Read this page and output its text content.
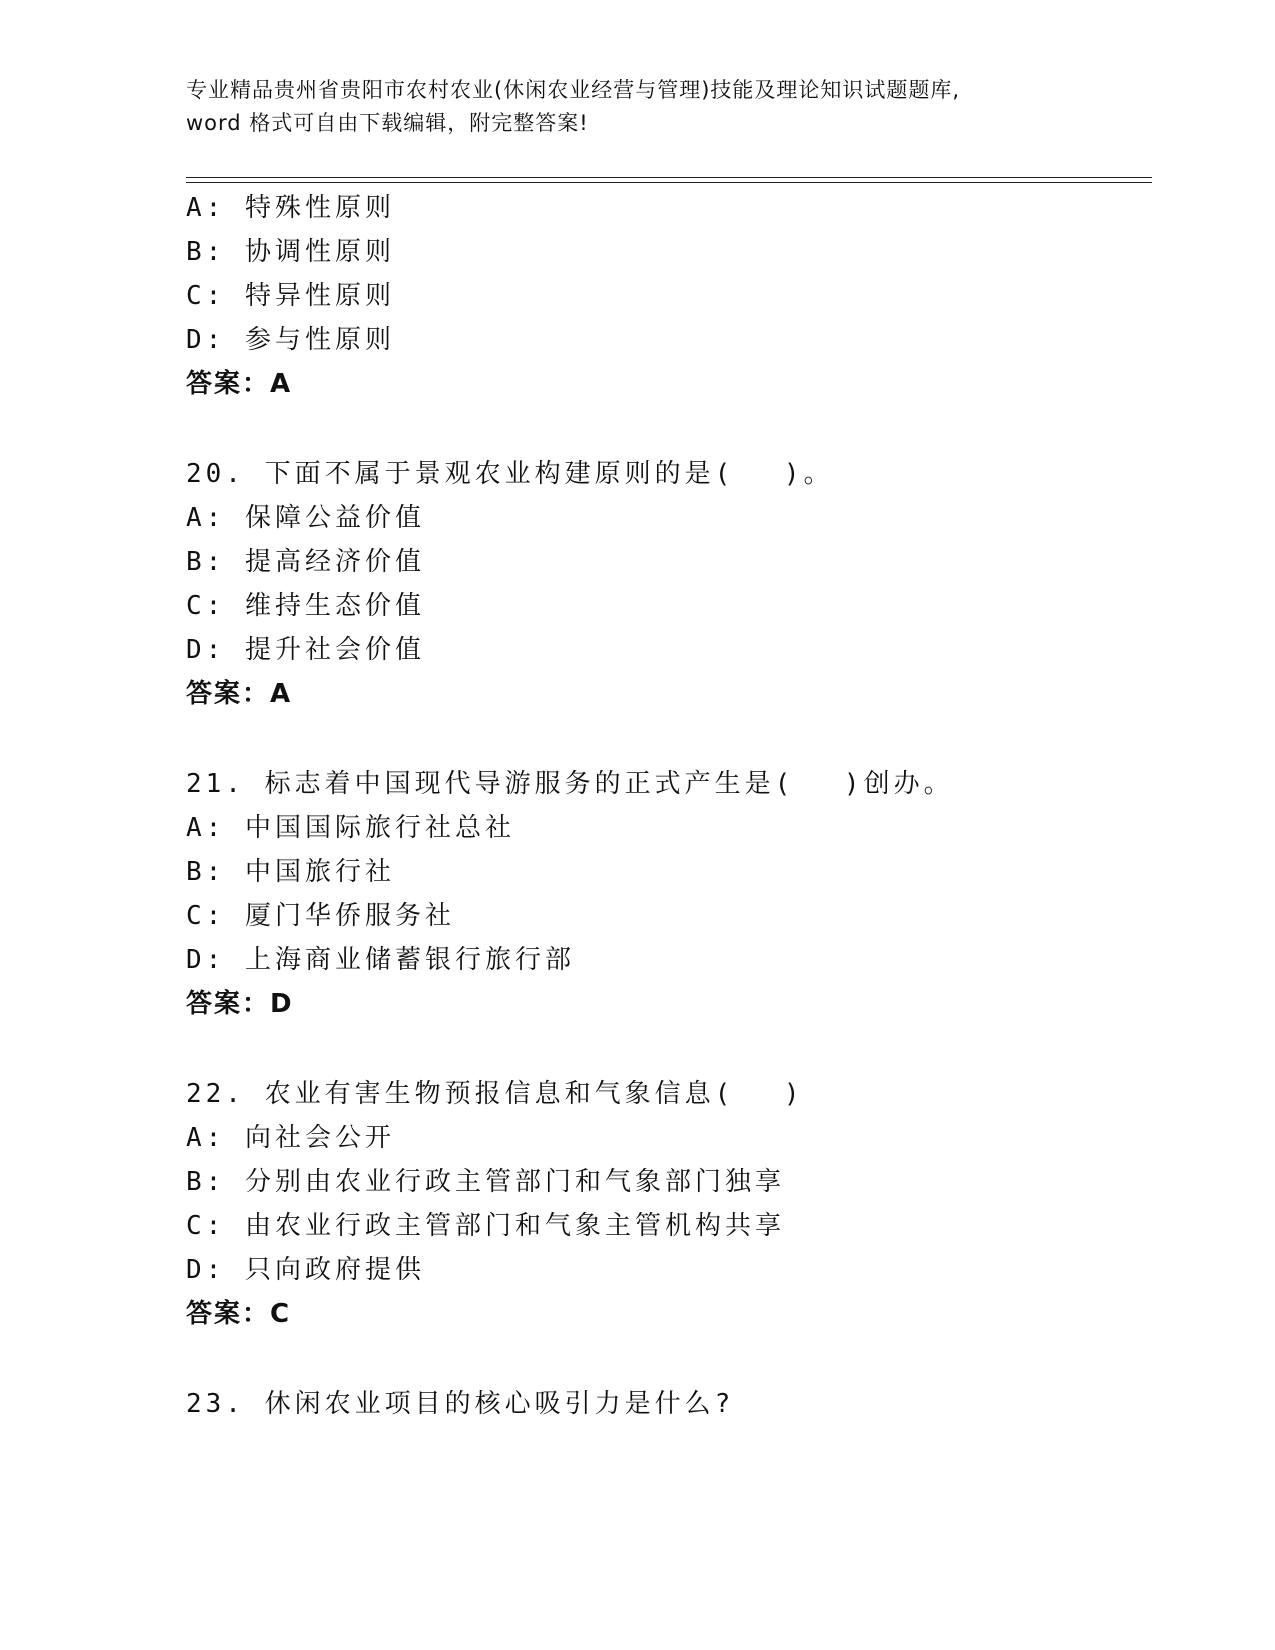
专业精品贵州省贵阳市农村农业(休闲农业经营与管理)技能及理论知识试题题库,
word 格式可自由下载编辑，附完整答案!
A: 特殊性原则
B: 协调性原则
C: 特异性原则
D: 参与性原则
答案：A
20. 下面不属于景观农业构建原则的是(　 )。
A: 保障公益价值
B: 提高经济价值
C: 维持生态价值
D: 提升社会价值
答案：A
21. 标志着中国现代导游服务的正式产生是(　 )创办。
A: 中国国际旅行社总社
B: 中国旅行社
C: 厦门华侨服务社
D: 上海商业储蓄银行旅行部
答案：D
22. 农业有害生物预报信息和气象信息(　 )
A: 向社会公开
B: 分别由农业行政主管部门和气象部门独享
C: 由农业行政主管部门和气象主管机构共享
D: 只向政府提供
答案：C
23. 休闲农业项目的核心吸引力是什么?
